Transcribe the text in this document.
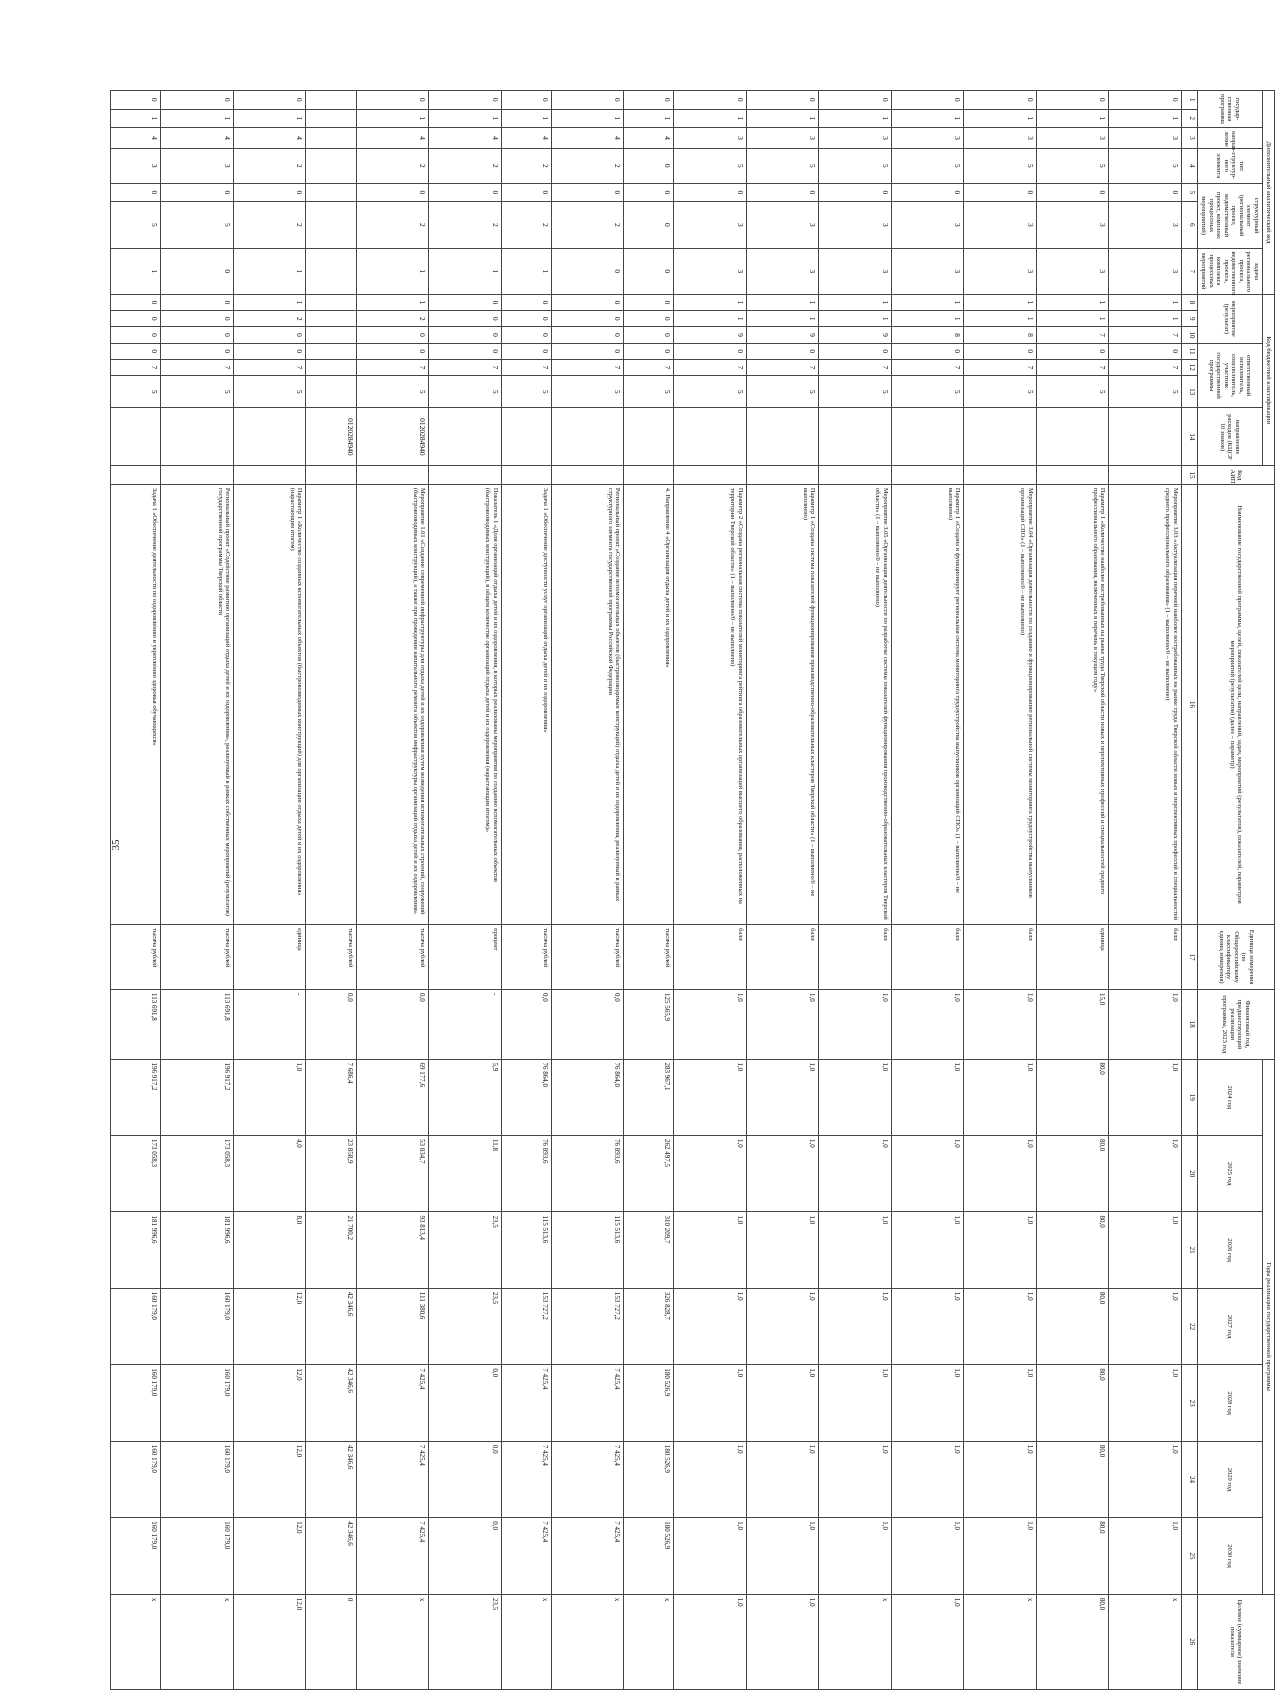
35
Дополнительный аналитический код							Код бюджетной классификации							Код АИП	Наименование государственной программы, целей, показателей цели, направлений, задач, мероприятий (результатов), показателей, параметров мероприятий (результатов) (далее – параметр)	Единица измерения (по Общероссийскому классификатору единиц измерения)	Финансовый год, предшествующий реализации программы, 2023 год	Годы реализации государственной программы							Целевое (суммарное) значение показателя
государ-ственная программа		направ-ление	тип структур-ного элемента	структурный элемент (региональный проект, ведомственный проект, комплекс процессных мероприятий)		задача регионального проекта, ведомственного проекта, комплекса процессных мероприятий	мероприятие (результат)			ответственный исполнитель, соисполнитель, участник государственной программы			направление расходов (КЦСР 10 знаков)					2024 год	2025 год	2026 год	2027 год	2028 год	2029 год	2030 год	

1	2	3	4	5	6	7	8	9	10	11	12	13	14	15	16	17	18	19	20	21	22	23	24	25	26
0	1	3	5	0	3	3	1	1	7	0	7	5			Мероприятие 3.03 «Актуализация перечней наиболее востребованных на рынке труда Тверской области новых и перспективных профессий и специальностей среднего профессионального образования» (1 – выполнено/0 – не выполнено)	балл	1,0	1,0	1,0	1,0	1,0	1,0	1,0	1,0	x
0	1	3	5	0	3	3	1	1	7	0	7	5			Параметр 1 «Количество наиболее востребованных на рынке труда Тверской области новых и перспективных профессий и специальностей среднего профессионального образования, включенных в перечень в текущем году»	единица	15,0	80,0	80,0	80,0	80,0	80,0	80,0	80,0	80,0
0	1	3	5	0	3	3	1	1	8	0	7	5			Мероприятие 3.04 «Организация деятельности по созданию и функционированию региональной системы мониторинга трудоустройства выпускников организаций СПО» (1 – выполнено/0 – не выполнено)	балл	1,0	1,0	1,0	1,0	1,0	1,0	1,0	1,0	x
0	1	3	5	0	3	3	1	1	8	0	7	5			Параметр 1 «Создана и функционирует региональная система мониторинга трудоустройства выпускников организаций СПО» (1 – выполнено/0 – не выполнено)	балл	1,0	1,0	1,0	1,0	1,0	1,0	1,0	1,0	1,0
0	1	3	5	0	3	3	1	1	9	0	7	5			Мероприятие 3.05 «Организация деятельности по разработке системы показателей функционирования производственно-образовательных кластеров Тверской области» (1 – выполнено/0 – не выполнено)	балл	1,0	1,0	1,0	1,0	1,0	1,0	1,0	1,0	x
0	1	3	5	0	3	3	1	1	9	0	7	5			Параметр 1 «Создана система показателей функционирования производственно-образовательных кластеров Тверской области» (1 – выполнено/0 – не выполнено)	балл	1,0	1,0	1,0	1,0	1,0	1,0	1,0	1,0	1,0
0	1	3	5	0	3	3	1	1	9	0	7	5			Параметр 2 «Создана региональная система показателей мониторинга рейтинга образовательных организаций высшего образования, расположенных на территории Тверской области» (1 – выполнено/0 – не выполнено)	балл	1,0	1,0	1,0	1,0	1,0	1,0	1,0	1,0	1,0
0	1	4	0	0	0	0	0	0	0	0	7	5			4. Направление 4 «Организация отдыха детей и их оздоровления»	тысяча рублей	125 565,9	283 967,1	262 497,5	310 209,7	326 828,7	180 526,9	180 526,9	180 526,9	x
0	1	4	2	0	2	0	0	0	0	0	7	5			Региональный проект «Создание вспомогательных объектов (быстровозводимых конструкций) отдыха детей и их оздоровления, реализуемый в рамках структурного элемента государственной программы Российской Федерации	тысяча рублей	0,0	76 864,0	76 893,6	115 513,6	153 727,2	7 425,4	7 425,4	7 425,4	x
0	1	4	2	0	2	1	0	0	0	0	7	5			Задача 1 «Обеспечение доступности услуг организаций отдыха детей и их оздоровления»	тысяча рублей	0,0	76 864,0	76 893,6	115 513,6	153 727,2	7 425,4	7 425,4	7 425,4	x
0	1	4	2	0	2	1	0	0	0	0	7	5			Показатель 1 «Доля организаций отдыха детей и их оздоровления, в которых реализованы мероприятия по созданию вспомогательных объектов (быстровозводимых конструкций), в общем количестве организаций отдыха детей и их оздоровления (нарастающим итогом)»	процент	-	5,9	11,8	23,5	23,5	0,0	0,0	0,0	23,5
0	1	4	2	0	2	1	1	2	0	0	7	5	0120284940		Мероприятие 1.01 «Создание современной инфраструктуры для отдыха детей и их оздоровления путем возведения вспомогательных строений, сооружений (быстровозводимых конструкций), а также при проведении капитального ремонта объектов инфраструктуры организаций отдыха детей и их оздоровления»	тысяча рублей	0,0	69 177,6	53 034,7	93 813,4	111 380,6	7 425,4	7 425,4	7 425,4	x
													0120284940			тысяча рублей	0,0	7 686,4	23 858,9	21 700,2	42 346,6	42 346,6	42 346,6	42 346,6	0
0	1	4	2	0	2	1	1	2	0	0	7	5			Параметр 1 «Количество созданных вспомогательных объектов (быстровозводимых конструкций) для организации отдыха детей и их оздоровления» (нарастающим итогом)	единица	-	1,0	4,0	8,0	12,0	12,0	12,0	12,0	12,0
0	1	4	3	0	5	0	0	0	0	0	7	5			Региональный проект «Содействие развитию организаций отдыха детей и их оздоровления», реализуемый в рамках собственных мероприятий (результатов) государственной программы Тверской области	тысяча рублей	113 691,8	196 917,2	173 058,3	181 996,6	160 179,0	160 179,0	160 179,0	160 179,0	x
0	1	4	3	0	5	1	0	0	0	0	7	5			Задача 1 «Обеспечение деятельности по оздоровлению и укреплению здоровья обучающихся»	тысяча рублей	113 691,8	196 917,2	173 058,3	181 996,6	160 179,0	160 179,0	160 179,0	160 179,0	x
